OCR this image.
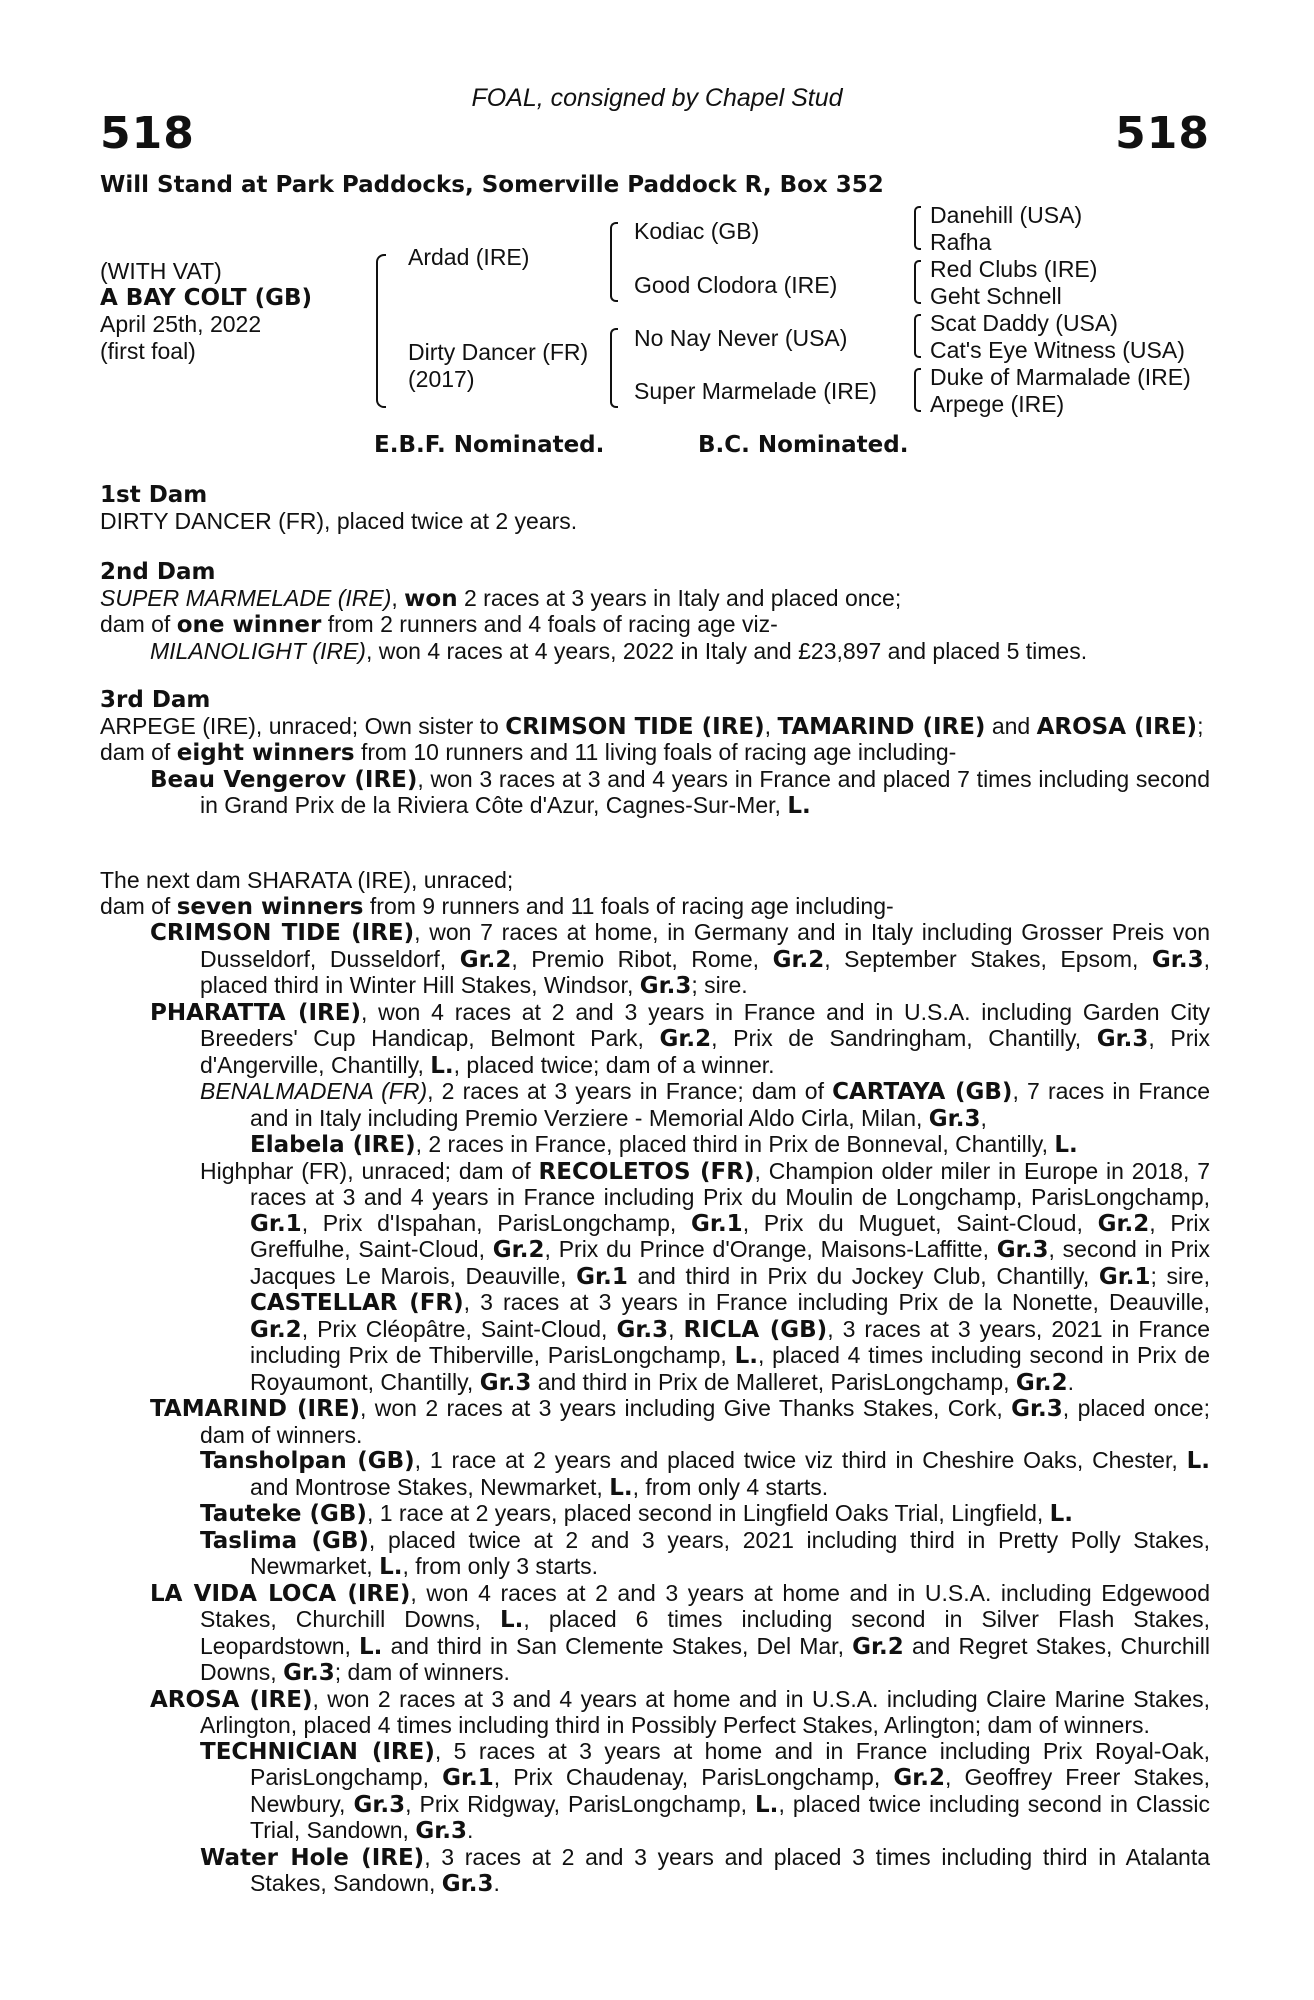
FOAL, consigned by Chapel Stud
518	518
Will Stand at Park Paddocks, Somerville Paddock R, Box 352
(WITH VAT)
A BAY COLT (GB)
April 25th, 2022
(first foal)
Ardad (IRE)
Dirty Dancer (FR)
(2017)
Kodiac (GB)
Good Clodora (IRE)
No Nay Never (USA)
Super Marmelade (IRE)
Danehill (USA)
Rafha
Red Clubs (IRE)
Geht Schnell
Scat Daddy (USA)
Cat's Eye Witness (USA)
Duke of Marmalade (IRE)
Arpege (IRE)
E.B.F. Nominated.	B.C. Nominated.
1st Dam
DIRTY DANCER (FR), placed twice at 2 years.
2nd Dam
SUPER MARMELADE (IRE), won 2 races at 3 years in Italy and placed once;
dam of one winner from 2 runners and 4 foals of racing age viz-
MILANOLIGHT (IRE), won 4 races at 4 years, 2022 in Italy and £23,897 and placed 5 times.
3rd Dam
ARPEGE (IRE), unraced; Own sister to CRIMSON TIDE (IRE), TAMARIND (IRE) and AROSA (IRE);
dam of eight winners from 10 runners and 11 living foals of racing age including-
Beau Vengerov (IRE), won 3 races at 3 and 4 years in France and placed 7 times including second in Grand Prix de la Riviera Côte d'Azur, Cagnes-Sur-Mer, L.
The next dam SHARATA (IRE), unraced;
dam of seven winners from 9 runners and 11 foals of racing age including-
CRIMSON TIDE (IRE), won 7 races at home, in Germany and in Italy including Grosser Preis von Dusseldorf, Dusseldorf, Gr.2, Premio Ribot, Rome, Gr.2, September Stakes, Epsom, Gr.3, placed third in Winter Hill Stakes, Windsor, Gr.3; sire.
PHARATTA (IRE), won 4 races at 2 and 3 years in France and in U.S.A. including Garden City Breeders' Cup Handicap, Belmont Park, Gr.2, Prix de Sandringham, Chantilly, Gr.3, Prix d'Angerville, Chantilly, L., placed twice; dam of a winner.
BENALMADENA (FR), 2 races at 3 years in France; dam of CARTAYA (GB), 7 races in France and in Italy including Premio Verziere - Memorial Aldo Cirla, Milan, Gr.3,
Elabela (IRE), 2 races in France, placed third in Prix de Bonneval, Chantilly, L.
Highphar (FR), unraced; dam of RECOLETOS (FR), Champion older miler in Europe in 2018, 7 races at 3 and 4 years in France including Prix du Moulin de Longchamp, ParisLongchamp, Gr.1, Prix d'Ispahan, ParisLongchamp, Gr.1, Prix du Muguet, Saint-Cloud, Gr.2, Prix Greffulhe, Saint-Cloud, Gr.2, Prix du Prince d'Orange, Maisons-Laffitte, Gr.3, second in Prix Jacques Le Marois, Deauville, Gr.1 and third in Prix du Jockey Club, Chantilly, Gr.1; sire, CASTELLAR (FR), 3 races at 3 years in France including Prix de la Nonette, Deauville, Gr.2, Prix Cléopâtre, Saint-Cloud, Gr.3, RICLA (GB), 3 races at 3 years, 2021 in France including Prix de Thiberville, ParisLongchamp, L., placed 4 times including second in Prix de Royaumont, Chantilly, Gr.3 and third in Prix de Malleret, ParisLongchamp, Gr.2.
TAMARIND (IRE), won 2 races at 3 years including Give Thanks Stakes, Cork, Gr.3, placed once; dam of winners.
Tansholpan (GB), 1 race at 2 years and placed twice viz third in Cheshire Oaks, Chester, L. and Montrose Stakes, Newmarket, L., from only 4 starts.
Tauteke (GB), 1 race at 2 years, placed second in Lingfield Oaks Trial, Lingfield, L.
Taslima (GB), placed twice at 2 and 3 years, 2021 including third in Pretty Polly Stakes, Newmarket, L., from only 3 starts.
LA VIDA LOCA (IRE), won 4 races at 2 and 3 years at home and in U.S.A. including Edgewood Stakes, Churchill Downs, L., placed 6 times including second in Silver Flash Stakes, Leopardstown, L. and third in San Clemente Stakes, Del Mar, Gr.2 and Regret Stakes, Churchill Downs, Gr.3; dam of winners.
AROSA (IRE), won 2 races at 3 and 4 years at home and in U.S.A. including Claire Marine Stakes, Arlington, placed 4 times including third in Possibly Perfect Stakes, Arlington; dam of winners.
TECHNICIAN (IRE), 5 races at 3 years at home and in France including Prix Royal-Oak, ParisLongchamp, Gr.1, Prix Chaudenay, ParisLongchamp, Gr.2, Geoffrey Freer Stakes, Newbury, Gr.3, Prix Ridgway, ParisLongchamp, L., placed twice including second in Classic Trial, Sandown, Gr.3.
Water Hole (IRE), 3 races at 2 and 3 years and placed 3 times including third in Atalanta Stakes, Sandown, Gr.3.
